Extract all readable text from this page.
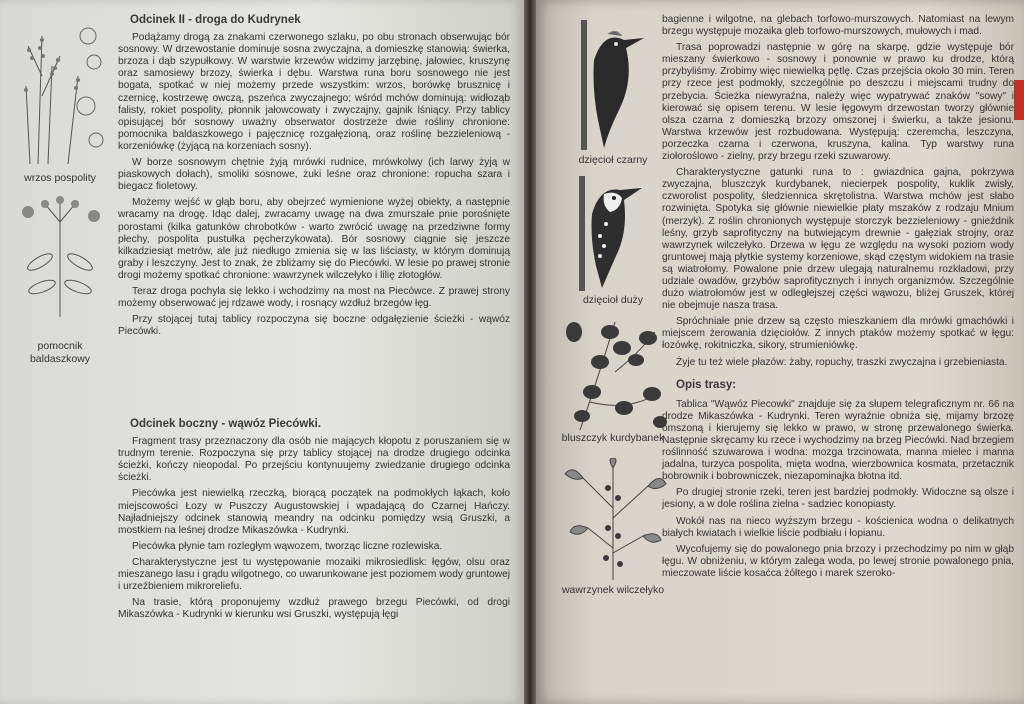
wrzos pospolity
pomocnik baldaszkowy
Odcinek II - droga do Kudrynek

Podążamy drogą za znakami czerwonego szlaku, po obu stronach obserwując bór sosnowy. W drzewostanie dominuje sosna zwyczajna, a domieszkę stanowią: świerka, brzoza i dąb szypułkowy. W warstwie krzewów widzimy jarzębinę, jałowiec, kruszynę oraz samosiewy brzozy, świerka i dębu. Warstwa runa boru sosnowego nie jest bogata, spotkać w niej możemy przede wszystkim: wrzos, borówkę brusznicę i czernicę, kostrzewę owczą, pszeńca zwyczajnego; wśród mchów dominują: widłoząb falisty, rokiet pospolity, płonnik jałowcowaty i zwyczajny, gajnik lśniący. Przy tablicy opisującej bór sosnowy uważny obserwator dostrzeże dwie rośliny chronione: pomocnika baldaszkowego i pajęcznicę rozgałęzioną, oraz roślinę bezzieleniową - korzeniówkę (żyjącą na korzeniach sosny).

W borze sosnowym chętnie żyją mrówki rudnice, mrówkolwy (ich larwy żyją w piaskowych dołach), smoliki sosnowe, żuki leśne oraz chronione: ropucha szara i biegacz fioletowy.

Możemy wejść w głąb boru, aby obejrzeć wymienione wyżej obiekty, a następnie wracamy na drogę. Idąc dalej, zwracamy uwagę na dwa zmurszałe pnie porośnięte porostami (kilka gatunków chrobotków - warto zwrócić uwagę na przedziwne formy płechy, pospolita pustułka pęcherzykowata). Bór sosnowy ciągnie się jeszcze kilkadziesiąt metrów, ale już niedługo zmienia się w las liściasty, w którym dominują graby i leszczyny. Jest to znak, że zbliżamy się do Piecówki. W lesie po prawej stronie drogi możemy spotkać chronione: wawrzynek wilczełyko i lilię złotogłów.

Teraz droga pochyla się lekko i wchodzimy na most na Piecówce. Z prawej strony możemy obserwować jej rdzawe wody, i rosnący wzdłuż brzegów łęg.

Przy stojącej tutaj tablicy rozpoczyna się boczne odgałęzienie ścieżki - wąwóz Piecówki.

Odcinek boczny - wąwóz Piecówki.

Fragment trasy przeznaczony dla osób nie mających kłopotu z poruszaniem się w trudnym terenie. Rozpoczyna się przy tablicy stojącej na drodze drugiego odcinka ścieżki, kończy nieopodal. Po przejściu kontynuujemy zwiedzanie drugiego odcinka ścieżki.

Piecówka jest niewielką rzeczką, biorącą początek na podmokłych łąkach, koło miejscowości Łozy w Puszczy Augustowskiej i wpadającą do Czarnej Hańczy. Najładniejszy odcinek stanowią meandry na odcinku pomiędzy wsią Gruszki, a mostkiem na leśnej drodze Mikaszówka - Kudrynki.

Piecówka płynie tam rozległym wąwozem, tworząc liczne rozlewiska.

Charakterystyczne jest tu występowanie mozaiki mikrosiedlisk: łęgów, olsu oraz mieszanego lasu i grądu wilgotnego, co uwarunkowane jest poziomem wody gruntowej i urzeźbieniem mikroreliefu.

Na trasie, którą proponujemy wzdłuż prawego brzegu Piecówki, od drogi Mikaszówka - Kudrynki w kierunku wsi Gruszki, występują łęgi

dzięcioł czarny
dzięcioł duży
bluszczyk kurdybanek
wawrzynek wilczełyko

bagienne i wilgotne, na glebach torfowo-murszowych. Natomiast na lewym brzegu występuje mozaika gleb torfowo-murszowych, mułowych i mad.

Trasa poprowadzi następnie w górę na skarpę, gdzie występuje bór mieszany świerkowo - sosnowy i ponownie w prawo ku drodze, którą przybyliśmy. Zrobimy więc niewielką pętlę. Czas przejścia około 30 min. Teren przy rzece jest podmokły, szczególnie po deszczu i miejscami trudny do przebycia. Ścieżka niewyraźna, należy więc wypatrywać znaków "sowy" i kierować się opisem terenu. W lesie łęgowym drzewostan tworzy głównie olsza czarna z domieszką brzozy omszonej i świerku, a także jesionu. Warstwa krzewów jest rozbudowana. Występują: czeremcha, leszczyna, porzeczka czarna i czerwona, kruszyna, kalina. Typ warstwy runa ziołoroślowo - zielny, przy brzegu rzeki szuwarowy.

Charakterystyczne gatunki runa to : gwiazdnica gajna, pokrzywa zwyczajna, bluszczyk kurdybanek, niecierpek pospolity, kuklik zwisły, czworolist pospolity, śledziennica skrętolistna. Warstwa mchów jest słabo rozwinięta. Spotyka się głównie niewielkie płaty mszaków z rodzaju Mnium (merzyk). Z roślin chronionych występuje storczyk bezzieleniowy - gnieźdnik leśny, grzyb saprofityczny na butwiejącym drewnie - gałęziak strojny, oraz wawrzynek wilczełyko. Drzewa w łęgu ze względu na wysoki poziom wody gruntowej mają płytkie systemy korzeniowe, skąd częstym widokiem na trasie są wiatrołomy. Powalone pnie drzew ulegają naturalnemu rozkładowi, przy udziale owadów, grzybów saprofitycznych i innych organizmów. Szczególnie dużo wiatrołomów jest w odległejszej części wąwozu, bliżej Gruszek, której nie obejmuje nasza trasa.

Spróchniałe pnie drzew są często mieszkaniem dla mrówki gmachówki i miejscem żerowania dzięciołów. Z innych ptaków możemy spotkać w łęgu: łozówkę, rokitniczka, sikory, strumieniówkę.

Żyje tu też wiele płazów: żaby, ropuchy, traszki zwyczajna i grzebieniasta.

Opis trasy:

Tablica "Wąwóz Piecowki" znajduje się za słupem telegraficznym nr. 66 na drodze Mikaszówka - Kudrynki. Teren wyraźnie obniża się, mijamy brzozę omszoną i kierujemy się lekko w prawo, w stronę przewalonego świerka. Następnie skręcamy ku rzece i wychodzimy na brzeg Piecówki. Nad brzegiem roślinność szuwarowa i wodna: mozga trzcinowata, manna mielec i manna jadalna, turzyca pospolita, mięta wodna, wierzbownica kosmata, przetacznik bobrownik i bobrowniczek, niezapominajka błotna itd.

Po drugiej stronie rzeki, teren jest bardziej podmokły. Widoczne są olsze i jesiony, a w dole roślina zielna - sadziec konopiasty.

Wokół nas na nieco wyższym brzegu - kościenica wodna o delikatnych białych kwiatach i wielkie liście podbiału i łopianu.

Wycofujemy się do powalonego pnia brzozy i przechodzimy po nim w głąb łęgu. W obniżeniu, w którym zalega woda, po lewej stronie powalonego pnia, mieczowate liście kosaćca żółtego i marek szeroko-
